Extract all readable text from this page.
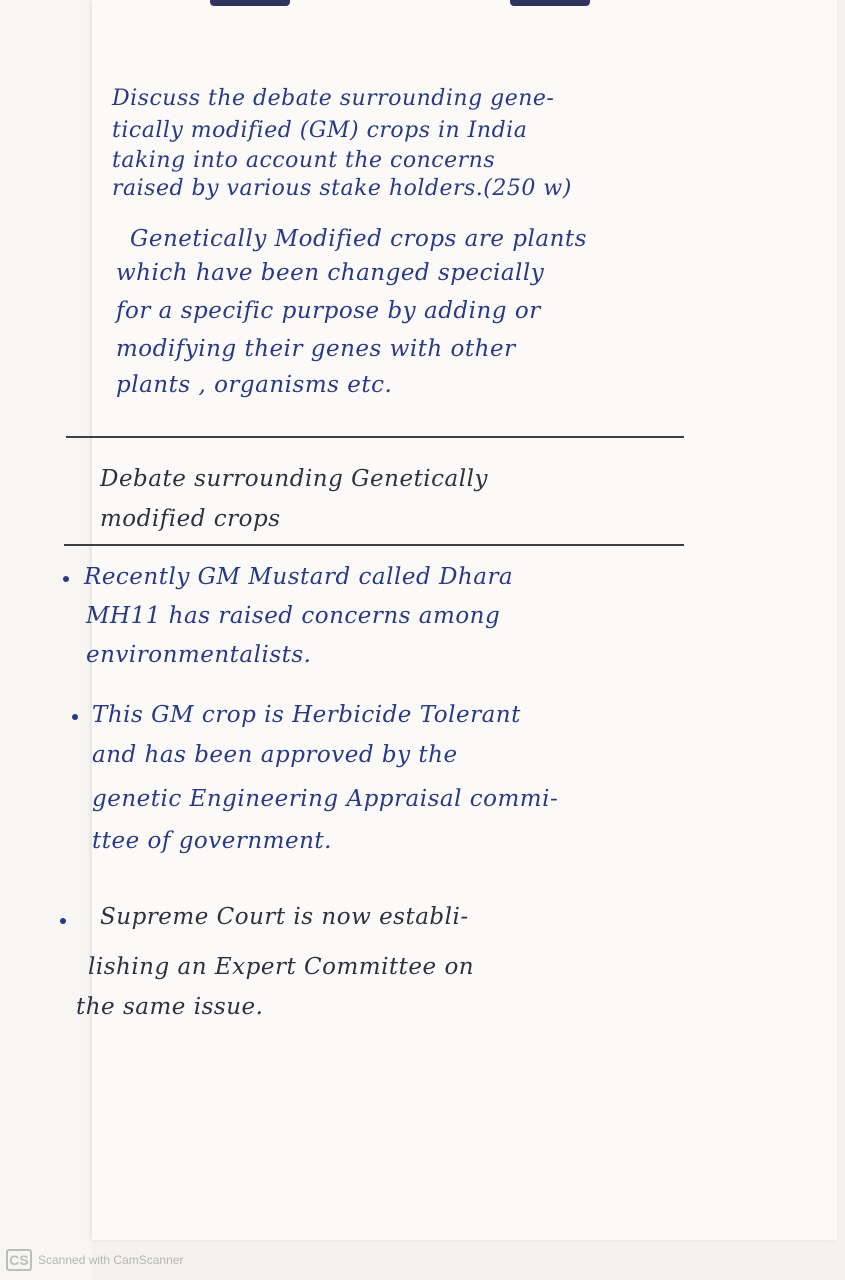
Discuss the debate surrounding gene-

tically modified (GM) crops in India

taking into account the concerns

raised by various stake holders.(250 w)

Genetically Modified crops are plants

which have been changed specially

for a specific purpose by adding or

modifying their genes with other

plants , organisms etc.

Debate surrounding Genetically

modified crops

Recently GM Mustard called Dhara

MH11 has raised concerns among

environmentalists.

This GM crop is Herbicide Tolerant

and has been approved by the

genetic Engineering Appraisal commi-

ttee of government.

Supreme Court is now establi-

lishing an Expert Committee on

the same issue.

CS Scanned with CamScanner
